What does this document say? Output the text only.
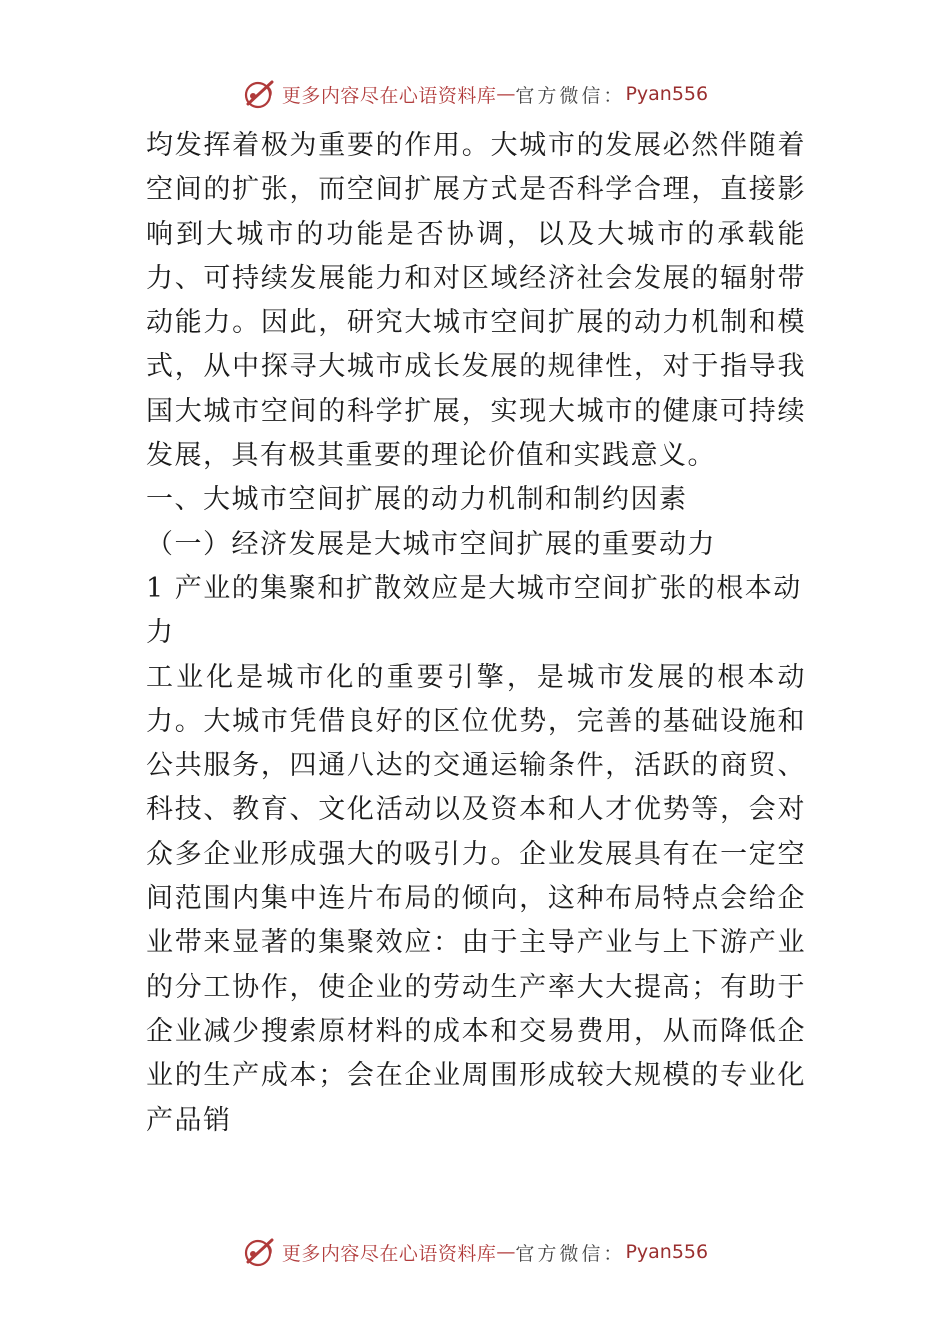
更多内容尽在心语资料库 — 官方微信： Pyan556

均发挥着极为重要的作用。大城市的发展必然伴随着空间的扩张，而空间扩展方式是否科学合理，直接影响到大城市的功能是否协调，以及大城市的承载能力、可持续发展能力和对区域经济社会发展的辐射带动能力。因此，研究大城市空间扩展的动力机制和模式，从中探寻大城市成长发展的规律性，对于指导我国大城市空间的科学扩展，实现大城市的健康可持续发展，具有极其重要的理论价值和实践意义。

一、大城市空间扩展的动力机制和制约因素

（一）经济发展是大城市空间扩展的重要动力

1 产业的集聚和扩散效应是大城市空间扩张的根本动力

工业化是城市化的重要引擎，是城市发展的根本动力。大城市凭借良好的区位优势，完善的基础设施和公共服务，四通八达的交通运输条件，活跃的商贸、科技、教育、文化活动以及资本和人才优势等，会对众多企业形成强大的吸引力。企业发展具有在一定空间范围内集中连片布局的倾向，这种布局特点会给企业带来显著的集聚效应：由于主导产业与上下游产业的分工协作，使企业的劳动生产率大大提高；有助于企业减少搜索原材料的成本和交易费用，从而降低企业的生产成本；会在企业周围形成较大规模的专业化产品销

更多内容尽在心语资料库 — 官方微信： Pyan556
